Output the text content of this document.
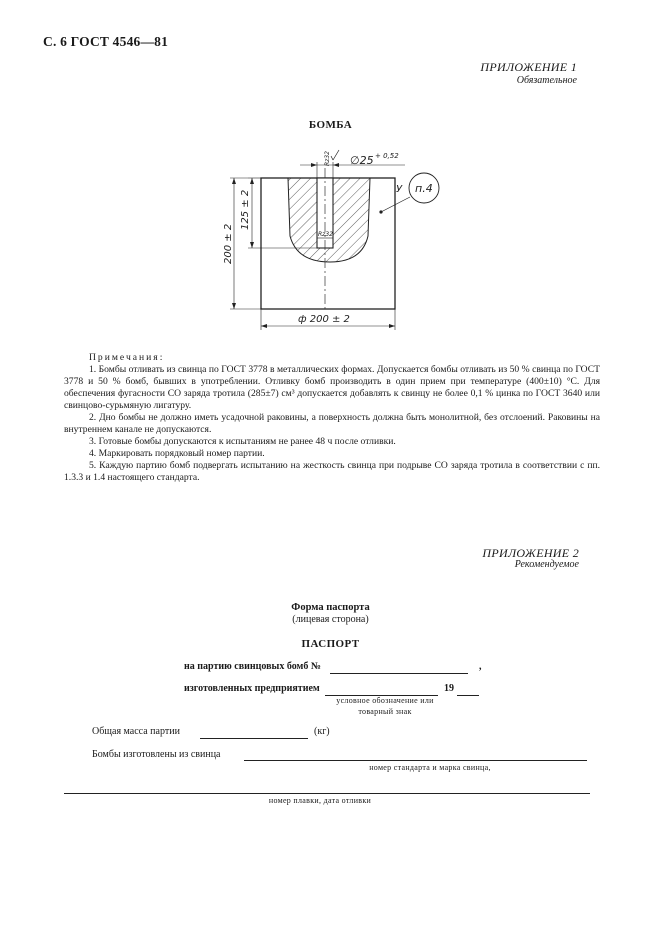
С. 6 ГОСТ 4546—81
ПРИЛОЖЕНИЕ 1
Обязательное
БОМБА
∅25 + 0,52
Rz32
Rz32
У п.4
125 ± 2
200 ± 2
ф 200 ± 2
Примечания:

1. Бомбы отливать из свинца по ГОСТ 3778 в металлических формах. Допускается бомбы отливать из 50 % свинца по ГОСТ 3778 и 50 % бомб, бывших в употреблении. Отливку бомб производить в один прием при температуре (400±10) °С. Для обеспечения фугасности СО заряда тротила (285±7) см³ допускается добавлять к свинцу не более 0,1 % цинка по ГОСТ 3640 или свинцово-сурьмяную лигатуру.

2. Дно бомбы не должно иметь усадочной раковины, а поверхность должна быть монолитной, без отслоений. Раковины на внутреннем канале не допускаются.

3. Готовые бомбы допускаются к испытаниям не ранее 48 ч после отливки.

4. Маркировать порядковый номер партии.

5. Каждую партию бомб подвергать испытанию на жесткость свинца при подрыве СО заряда тротила в соответствии с пп. 1.3.3 и 1.4 настоящего стандарта.

ПРИЛОЖЕНИЕ 2
Рекомендуемое
Форма паспорта
(лицевая сторона)
ПАСПОРТ
на партию свинцовых бомб №	,
изготовленных предприятием	19
условное обозначение или
товарный знак
Общая масса партии	(кг)
Бомбы изготовлены из свинца
номер стандарта и марка свинца,
номер плавки, дата отливки
